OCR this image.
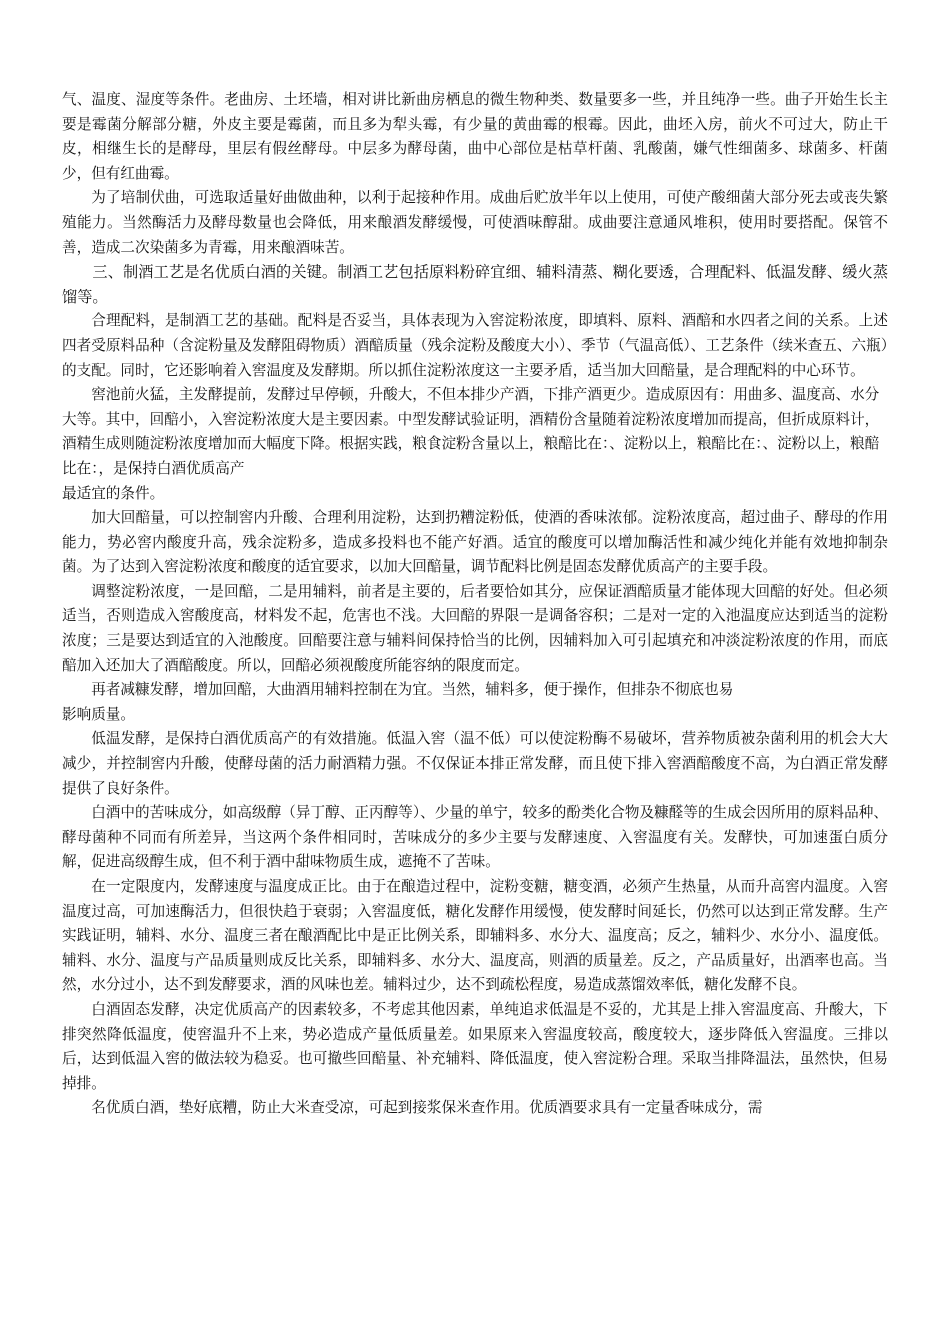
气、温度、湿度等条件。老曲房、土坯墙，相对讲比新曲房栖息的微生物种类、数量要多一些，并且纯净一些。曲子开始生长主要是霉菌分解部分糖，外皮主要是霉菌，而且多为犁头霉，有少量的黄曲霉的根霉。因此，曲坯入房，前火不可过大，防止干皮，相继生长的是酵母，里层有假丝酵母。中层多为酵母菌，曲中心部位是枯草杆菌、乳酸菌，嫌气性细菌多、球菌多、杆菌少，但有红曲霉。

为了培制伏曲，可选取适量好曲做曲种，以利于起接种作用。成曲后贮放半年以上使用，可使产酸细菌大部分死去或丧失繁殖能力。当然酶活力及酵母数量也会降低，用来酿酒发酵缓慢，可使酒味醇甜。成曲要注意通风堆积，使用时要搭配。保管不善，造成二次染菌多为青霉，用来酿酒味苦。

三、制酒工艺是名优质白酒的关键。制酒工艺包括原料粉碎宜细、辅料清蒸、糊化要透，合理配料、低温发酵、缓火蒸馏等。

合理配料，是制酒工艺的基础。配料是否妥当，具体表现为入窖淀粉浓度，即填料、原料、酒醅和水四者之间的关系。上述四者受原料品种（含淀粉量及发酵阻碍物质）酒醅质量（残余淀粉及酸度大小）、季节（气温高低）、工艺条件（续米查五、六瓶）的支配。同时，它还影响着入窖温度及发酵期。所以抓住淀粉浓度这一主要矛盾，适当加大回醅量，是合理配料的中心环节。

窖池前火猛，主发酵提前，发酵过早停顿，升酸大，不但本排少产酒，下排产酒更少。造成原因有：用曲多、温度高、水分大等。其中，回醅小，入窖淀粉浓度大是主要因素。中型发酵试验证明，酒精份含量随着淀粉浓度增加而提高，但折成原料计，酒精生成则随淀粉浓度增加而大幅度下降。根据实践，粮食淀粉含量以上，粮醅比在：、淀粉以上，粮醅比在：、淀粉以上，粮醅比在：，是保持白酒优质高产

最适宜的条件。

加大回醅量，可以控制窖内升酸、合理利用淀粉，达到扔糟淀粉低，使酒的香味浓郁。淀粉浓度高，超过曲子、酵母的作用能力，势必窖内酸度升高，残余淀粉多，造成多投料也不能产好酒。适宜的酸度可以增加酶活性和减少纯化并能有效地抑制杂菌。为了达到入窖淀粉浓度和酸度的适宜要求，以加大回醅量，调节配料比例是固态发酵优质高产的主要手段。

调整淀粉浓度，一是回醅，二是用辅料，前者是主要的，后者要恰如其分，应保证酒醅质量才能体现大回醅的好处。但必须适当，否则造成入窖酸度高，材料发不起，危害也不浅。大回醅的界限一是调备容积；二是对一定的入池温度应达到适当的淀粉浓度；三是要达到适宜的入池酸度。回醅要注意与辅料间保持恰当的比例，因辅料加入可引起填充和冲淡淀粉浓度的作用，而底醅加入还加大了酒醅酸度。所以，回醅必须视酸度所能容纳的限度而定。

再者减糠发酵，增加回醅，大曲酒用辅料控制在为宜。当然，辅料多，便于操作，但排杂不彻底也易

影响质量。

低温发酵，是保持白酒优质高产的有效措施。低温入窖（温不低）可以使淀粉酶不易破坏，营养物质被杂菌利用的机会大大减少，并控制窖内升酸，使酵母菌的活力耐酒精力强。不仅保证本排正常发酵，而且使下排入窖酒醅酸度不高，为白酒正常发酵提供了良好条件。

白酒中的苦味成分，如高级醇（异丁醇、正丙醇等）、少量的单宁，较多的酚类化合物及糠醛等的生成会因所用的原料品种、酵母菌种不同而有所差异，当这两个条件相同时，苦味成分的多少主要与发酵速度、入窖温度有关。发酵快，可加速蛋白质分解，促进高级醇生成，但不利于酒中甜味物质生成，遮掩不了苦味。

在一定限度内，发酵速度与温度成正比。由于在酿造过程中，淀粉变糖，糖变酒，必须产生热量，从而升高窖内温度。入窖温度过高，可加速酶活力，但很快趋于衰弱；入窖温度低，糖化发酵作用缓慢，使发酵时间延长，仍然可以达到正常发酵。生产实践证明，辅料、水分、温度三者在酿酒配比中是正比例关系，即辅料多、水分大、温度高；反之，辅料少、水分小、温度低。辅料、水分、温度与产品质量则成反比关系，即辅料多、水分大、温度高，则酒的质量差。反之，产品质量好，出酒率也高。当然，水分过小，达不到发酵要求，酒的风味也差。辅料过少，达不到疏松程度，易造成蒸馏效率低，糖化发酵不良。

白酒固态发酵，决定优质高产的因素较多，不考虑其他因素，单纯追求低温是不妥的，尤其是上排入窖温度高、升酸大，下排突然降低温度，使窖温升不上来，势必造成产量低质量差。如果原来入窖温度较高，酸度较大，逐步降低入窖温度。三排以后，达到低温入窖的做法较为稳妥。也可撤些回醅量、补充辅料、降低温度，使入窖淀粉合理。采取当排降温法，虽然快，但易掉排。

名优质白酒，垫好底糟，防止大米查受凉，可起到接浆保米查作用。优质酒要求具有一定量香味成分，需
